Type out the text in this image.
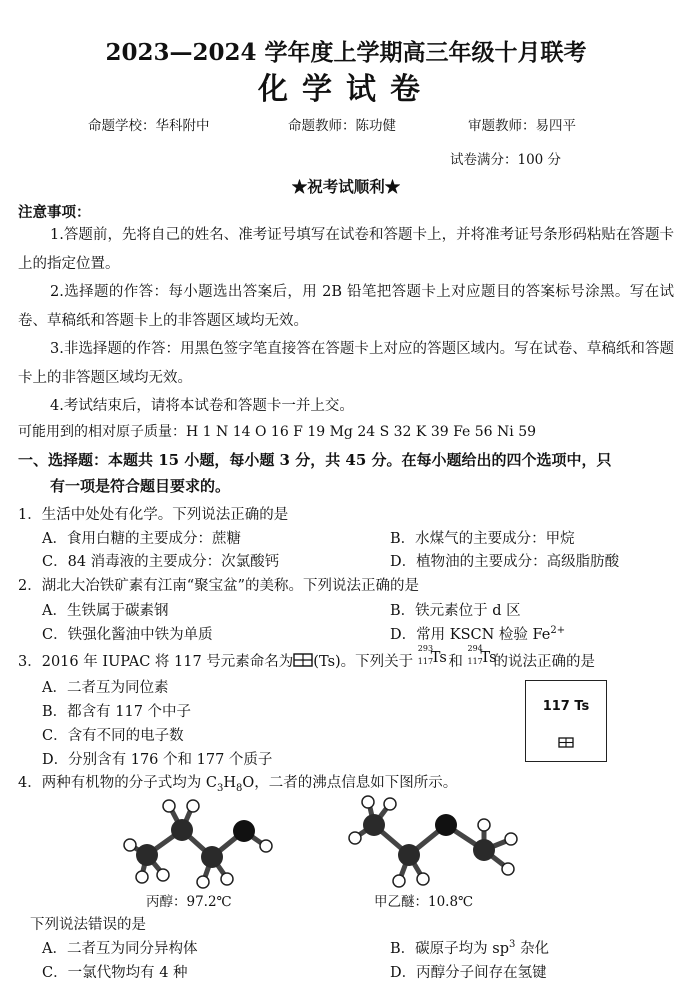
2023—2024 学年度上学期高三年级十月联考
化学试卷
命题学校：华科附中	命题教师：陈功健	审题教师：易四平
试卷满分：100 分
★祝考试顺利★
注意事项：
1.答题前，先将自己的姓名、准考证号填写在试卷和答题卡上，并将准考证号条形码粘贴在答题卡上的指定位置。
2.选择题的作答：每小题选出答案后，用 2B 铅笔把答题卡上对应题目的答案标号涂黑。写在试卷、草稿纸和答题卡上的非答题区域均无效。
3.非选择题的作答：用黑色签字笔直接答在答题卡上对应的答题区域内。写在试卷、草稿纸和答题卡上的非答题区域均无效。
4.考试结束后，请将本试卷和答题卡一并上交。
可能用到的相对原子质量：H 1 N 14 O 16 F 19 Mg 24 S 32 K 39 Fe 56 Ni 59
一、选择题：本题共 15 小题，每小题 3 分，共 45 分。在每小题给出的四个选项中，只
有一项是符合题目要求的。
1．生活中处处有化学。下列说法正确的是
A．食用白糖的主要成分：蔗糖	B．水煤气的主要成分：甲烷
C．84 消毒液的主要成分：次氯酸钙	D．植物油的主要成分：高级脂肪酸
2．湖北大冶铁矿素有江南“聚宝盆”的美称。下列说法正确的是
A．生铁属于碳素钢	B．铁元素位于 d 区
C．铁强化酱油中铁为单质	D．常用 KSCN 检验 $Fe^{2+}$
3．2016 年 IUPAC 将 117 号元素命名为 (Ts)。下列关于
293
117
Ts 和
294
117
Ts
的说法正确的是
A．二者互为同位素
B．都含有 117 个中子
C．含有不同的电子数
D．分别含有 176 个和 177 个质子
117 Ts
4．两种有机物的分子式均为 $C_3H_8O$，二者的沸点信息如下图所示。
丙醇：97.2℃	甲乙醚：10.8℃
下列说法错误的是
A．二者互为同分异构体	B．碳原子均为 $sp^3$ 杂化
C．一氯代物均有 4 种	D．丙醇分子间存在氢键
